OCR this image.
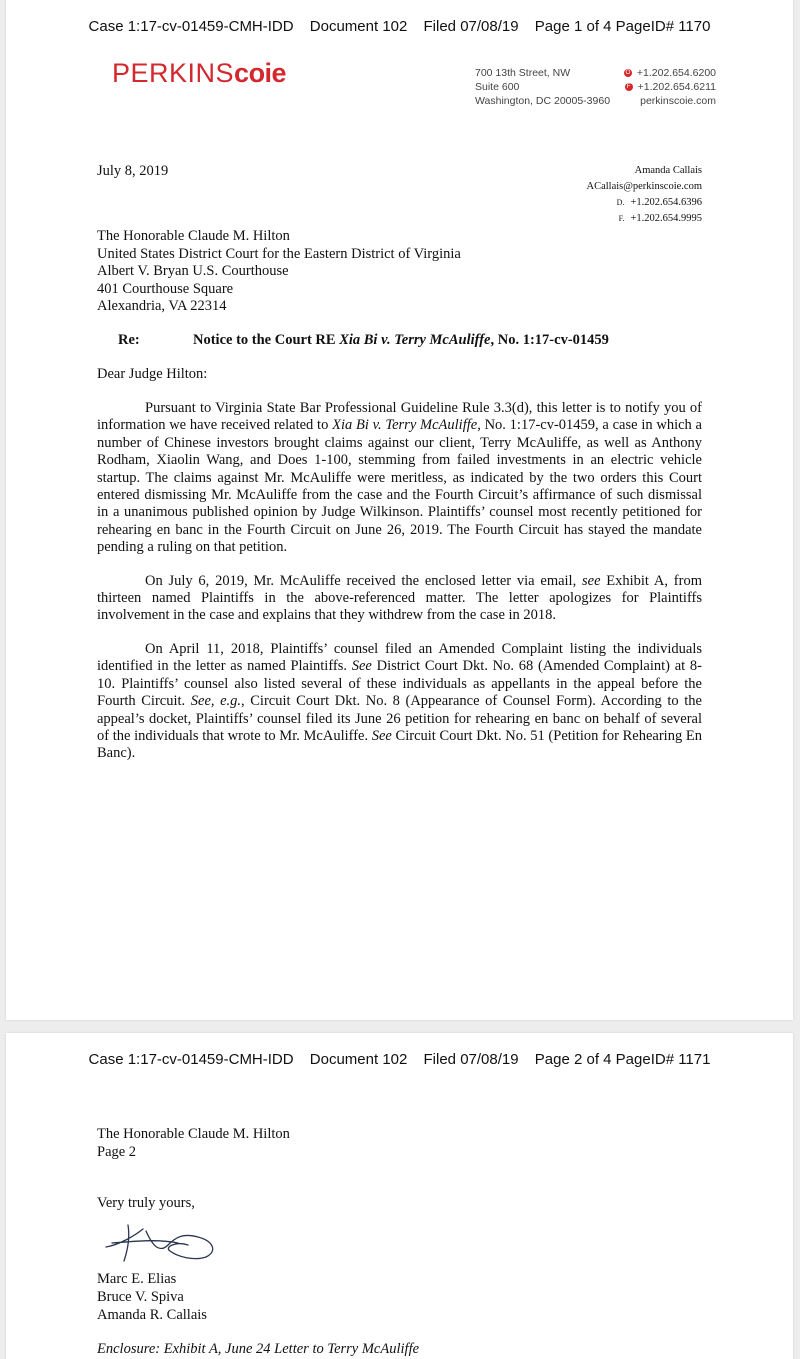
Case 1:17-cv-01459-CMH-IDD Document 102 Filed 07/08/19 Page 1 of 4 PageID# 1170
PERKINScoie	700 13th Street, NW
Suite 600
Washington, DC 20005-3960
O +1.202.654.6200
F +1.202.654.6211
perkinscoie.com
July 8, 2019	Amanda Callais
ACallais@perkinscoie.com
D. +1.202.654.6396
F. +1.202.654.9995
The Honorable Claude M. Hilton
United States District Court for the Eastern District of Virginia
Albert V. Bryan U.S. Courthouse
401 Courthouse Square
Alexandria, VA 22314
Re:	Notice to the Court RE Xia Bi v. Terry McAuliffe, No. 1:17-cv-01459
Dear Judge Hilton:

Pursuant to Virginia State Bar Professional Guideline Rule 3.3(d), this letter is to notify you of information we have received related to Xia Bi v. Terry McAuliffe, No. 1:17-cv-01459, a case in which a number of Chinese investors brought claims against our client, Terry McAuliffe, as well as Anthony Rodham, Xiaolin Wang, and Does 1-100, stemming from failed investments in an electric vehicle startup. The claims against Mr. McAuliffe were meritless, as indicated by the two orders this Court entered dismissing Mr. McAuliffe from the case and the Fourth Circuit’s affirmance of such dismissal in a unanimous published opinion by Judge Wilkinson. Plaintiffs’ counsel most recently petitioned for rehearing en banc in the Fourth Circuit on June 26, 2019. The Fourth Circuit has stayed the mandate pending a ruling on that petition.

On July 6, 2019, Mr. McAuliffe received the enclosed letter via email, see Exhibit A, from thirteen named Plaintiffs in the above-referenced matter. The letter apologizes for Plaintiffs involvement in the case and explains that they withdrew from the case in 2018.

On April 11, 2018, Plaintiffs’ counsel filed an Amended Complaint listing the individuals identified in the letter as named Plaintiffs. See District Court Dkt. No. 68 (Amended Complaint) at 8-10. Plaintiffs’ counsel also listed several of these individuals as appellants in the appeal before the Fourth Circuit. See, e.g., Circuit Court Dkt. No. 8 (Appearance of Counsel Form). According to the appeal’s docket, Plaintiffs’ counsel filed its June 26 petition for rehearing en banc on behalf of several of the individuals that wrote to Mr. McAuliffe. See Circuit Court Dkt. No. 51 (Petition for Rehearing En Banc).

Case 1:17-cv-01459-CMH-IDD Document 102 Filed 07/08/19 Page 2 of 4 PageID# 1171
The Honorable Claude M. Hilton
Page 2
Very truly yours,
Marc E. Elias
Bruce V. Spiva
Amanda R. Callais
Enclosure: Exhibit A, June 24 Letter to Terry McAuliffe
